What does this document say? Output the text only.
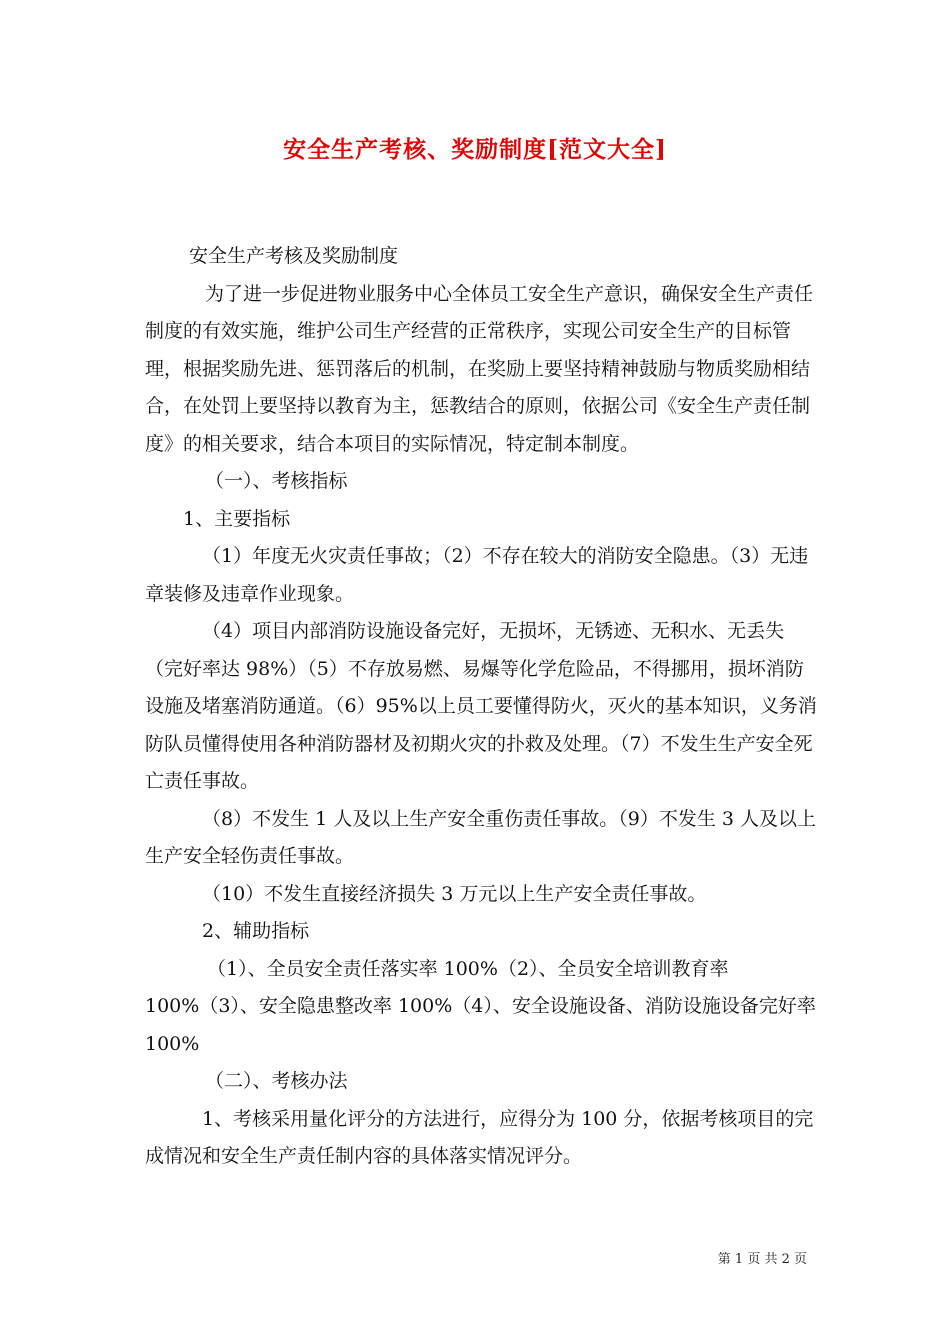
安全生产考核、奖励制度[范文大全]

安全生产考核及奖励制度

为了进一步促进物业服务中心全体员工安全生产意识，确保安全生产责任制度的有效实施，维护公司生产经营的正常秩序，实现公司安全生产的目标管理，根据奖励先进、惩罚落后的机制，在奖励上要坚持精神鼓励与物质奖励相结合，在处罚上要坚持以教育为主，惩教结合的原则，依据公司《安全生产责任制度》的相关要求，结合本项目的实际情况，特定制本制度。

（一）、考核指标

1、主要指标

（1）年度无火灾责任事故；（2）不存在较大的消防安全隐患。（3）无违章装修及违章作业现象。

（4）项目内部消防设施设备完好，无损坏，无锈迹、无积水、无丢失（完好率达 98%）（5）不存放易燃、易爆等化学危险品，不得挪用，损坏消防设施及堵塞消防通道。（6）95%以上员工要懂得防火，灭火的基本知识，义务消防队员懂得使用各种消防器材及初期火灾的扑救及处理。（7）不发生生产安全死亡责任事故。

（8）不发生 1 人及以上生产安全重伤责任事故。（9）不发生 3 人及以上生产安全轻伤责任事故。

（10）不发生直接经济损失 3 万元以上生产安全责任事故。

2、辅助指标

（1）、全员安全责任落实率 100%（2）、全员安全培训教育率 100%（3）、安全隐患整改率 100%（4）、安全设施设备、消防设施设备完好率 100%

（二）、考核办法

1、考核采用量化评分的方法进行，应得分为 100 分，依据考核项目的完成情况和安全生产责任制内容的具体落实情况评分。

第 1 页 共 2 页
